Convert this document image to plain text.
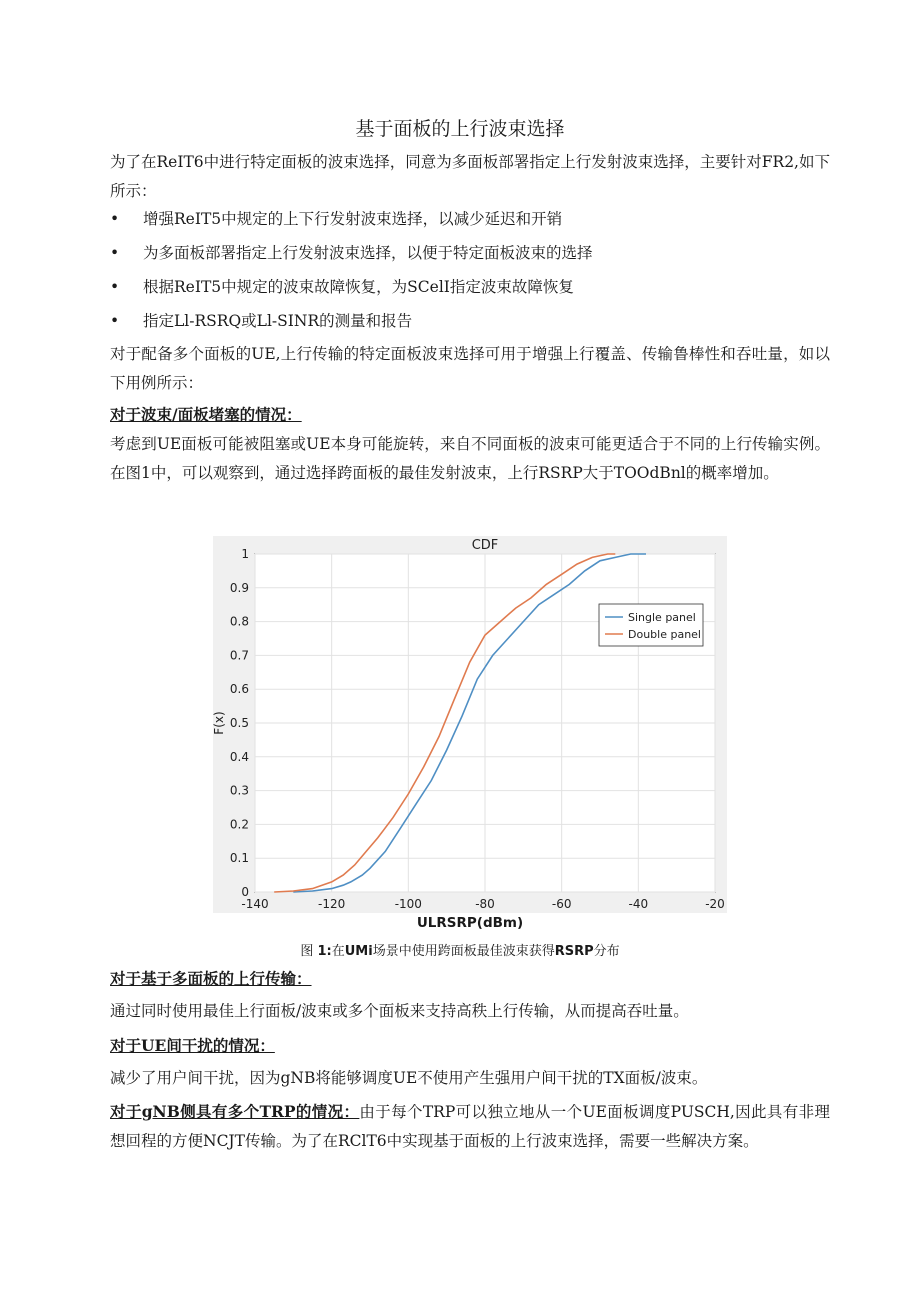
基于面板的上行波束选择

为了在ReIT6中进行特定面板的波束选择，同意为多面板部署指定上行发射波束选择，主要针对FR2,如下所示：

• 增强ReIT5中规定的上下行发射波束选择，以减少延迟和开销
• 为多面板部署指定上行发射波束选择，以便于特定面板波束的选择
• 根据ReIT5中规定的波束故障恢复，为SCelI指定波束故障恢复
• 指定Ll-RSRQ或Ll-SINR的测量和报告

对于配备多个面板的UE,上行传输的特定面板波束选择可用于增强上行覆盖、传输鲁棒性和吞吐量，如以下用例所示：

对于波束/面板堵塞的情况：

考虑到UE面板可能被阻塞或UE本身可能旋转，来自不同面板的波束可能更适合于不同的上行传输实例。在图1中，可以观察到，通过选择跨面板的最佳发射波束，上行RSRP大于TOOdBnl的概率增加。

CDF
F(x)
-140	-120	-100	-80	-60	-40	-20
0
0.1
0.2
0.3
0.4
0.5
0.6
0.7
0.8
0.9
1
Single panel
Double panel
ULRSRP(dBm)
图 1:在UMi场景中使用跨面板最佳波束获得RSRP分布
对于基于多面板的上行传输：

通过同时使用最佳上行面板/波束或多个面板来支持高秩上行传输，从而提高吞吐量。

对于UE间干扰的情况：

减少了用户间干扰，因为gNB将能够调度UE不使用产生强用户间干扰的TX面板/波束。

对于gNB侧具有多个TRP的情况：由于每个TRP可以独立地从一个UE面板调度PUSCH,因此具有非理想回程的方便NCJT传输。为了在RClT6中实现基于面板的上行波束选择，需要一些解决方案。
